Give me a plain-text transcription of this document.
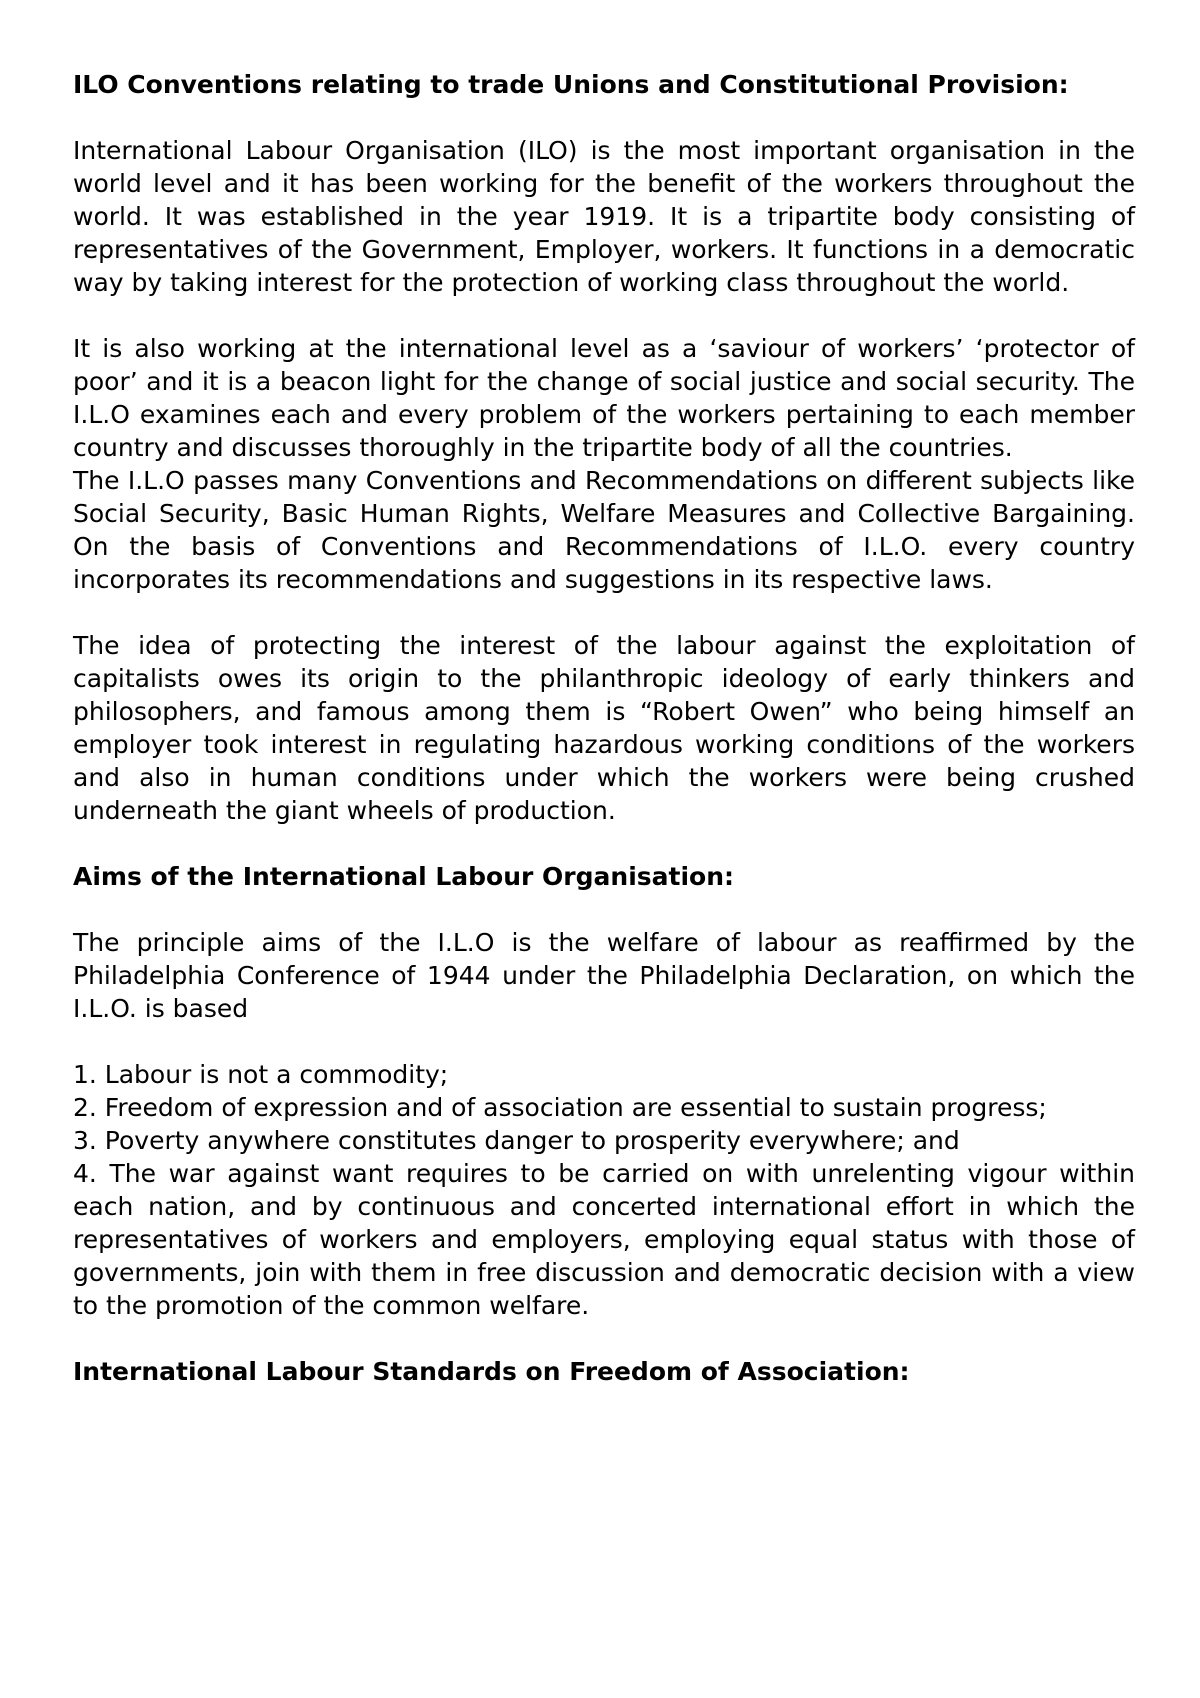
ILO Conventions relating to trade Unions and Constitutional Provision:

International Labour Organisation (ILO) is the most important organisation in the world level and it has been working for the benefit of the workers throughout the world. It was established in the year 1919. It is a tripartite body consisting of representatives of the Government, Employer, workers. It functions in a democratic way by taking interest for the protection of working class throughout the world.

It is also working at the international level as a ‘saviour of workers’ ‘protector of poor’ and it is a beacon light for the change of social justice and social security. The I.L.O examines each and every problem of the workers pertaining to each member country and discusses thoroughly in the tripartite body of all the countries.

The I.L.O passes many Conventions and Recommendations on different subjects like Social Security, Basic Human Rights, Welfare Measures and Collective Bargaining. On the basis of Conventions and Recommendations of I.L.O. every country incorporates its recommendations and suggestions in its respective laws.

The idea of protecting the interest of the labour against the exploitation of capitalists owes its origin to the philanthropic ideology of early thinkers and philosophers, and famous among them is “Robert Owen” who being himself an employer took interest in regulating hazardous working conditions of the workers and also in human conditions under which the workers were being crushed underneath the giant wheels of production.

Aims of the International Labour Organisation:

The principle aims of the I.L.O is the welfare of labour as reaffirmed by the Philadelphia Conference of 1944 under the Philadelphia Declaration, on which the I.L.O. is based

1. Labour is not a commodity;

2. Freedom of expression and of association are essential to sustain progress;

3. Poverty anywhere constitutes danger to prosperity everywhere; and

4. The war against want requires to be carried on with unrelenting vigour within each nation, and by continuous and concerted international effort in which the representatives of workers and employers, employing equal status with those of governments, join with them in free discussion and democratic decision with a view to the promotion of the common welfare.

International Labour Standards on Freedom of Association:
